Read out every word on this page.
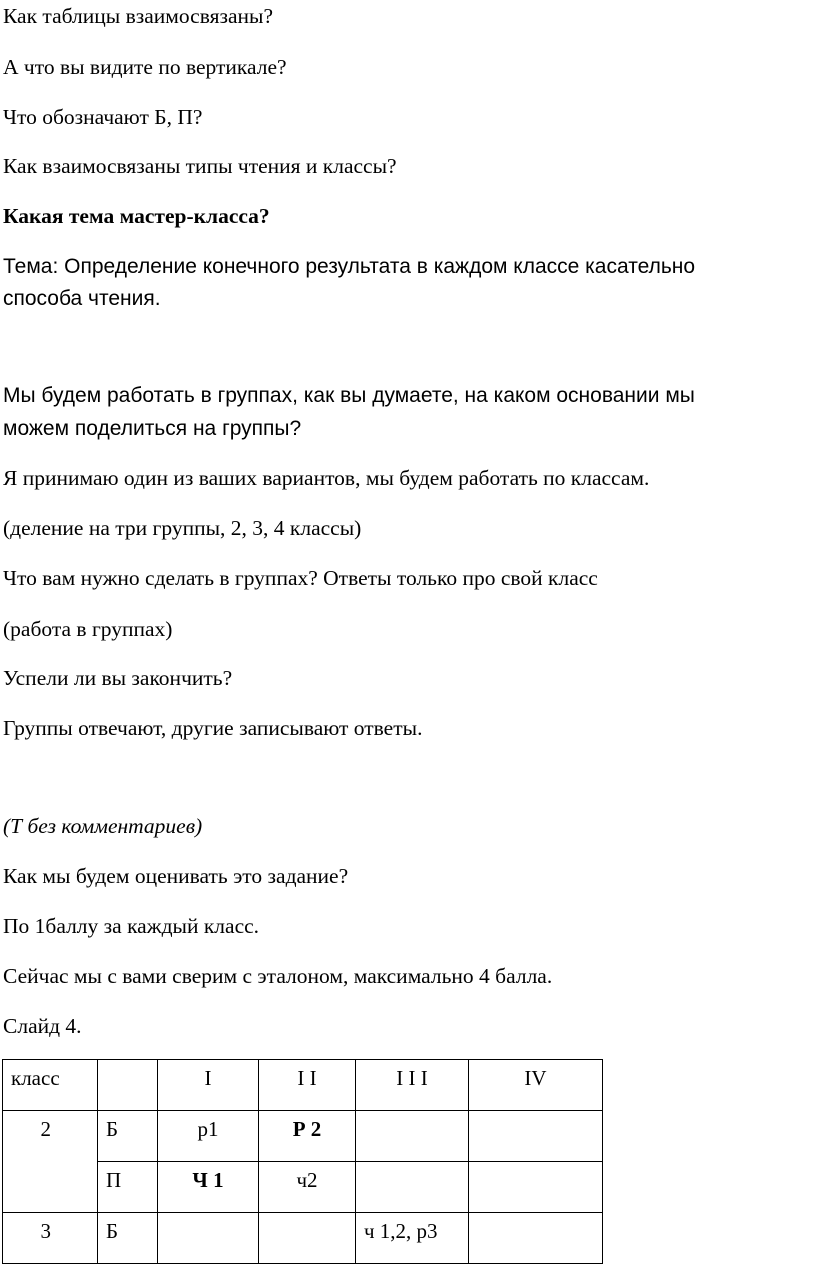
Как таблицы взаимосвязаны?
А что вы видите по вертикале?
Что обозначают Б, П?
Как взаимосвязаны типы чтения и классы?
Какая тема мастер-класса?
Тема: Определение конечного результата в каждом классе касательно
способа чтения.
Мы будем работать в группах, как вы думаете, на каком основании мы
можем поделиться на группы?
Я принимаю один из ваших вариантов, мы будем работать по классам.
(деление на три группы, 2, 3, 4 классы)
Что вам нужно сделать в группах? Ответы только про свой класс
(работа в группах)
Успели ли вы закончить?
Группы отвечают, другие записывают ответы.
(Т без комментариев)
Как мы будем оценивать это задание?
По 1баллу за каждый класс.
Сейчас мы с вами сверим с эталоном, максимально 4 балла.
Слайд 4.
класс		I	I I	I I I	IV
2	Б	р1	Р 2		
	П	Ч 1	ч2		
3	Б			ч 1,2, р3	
